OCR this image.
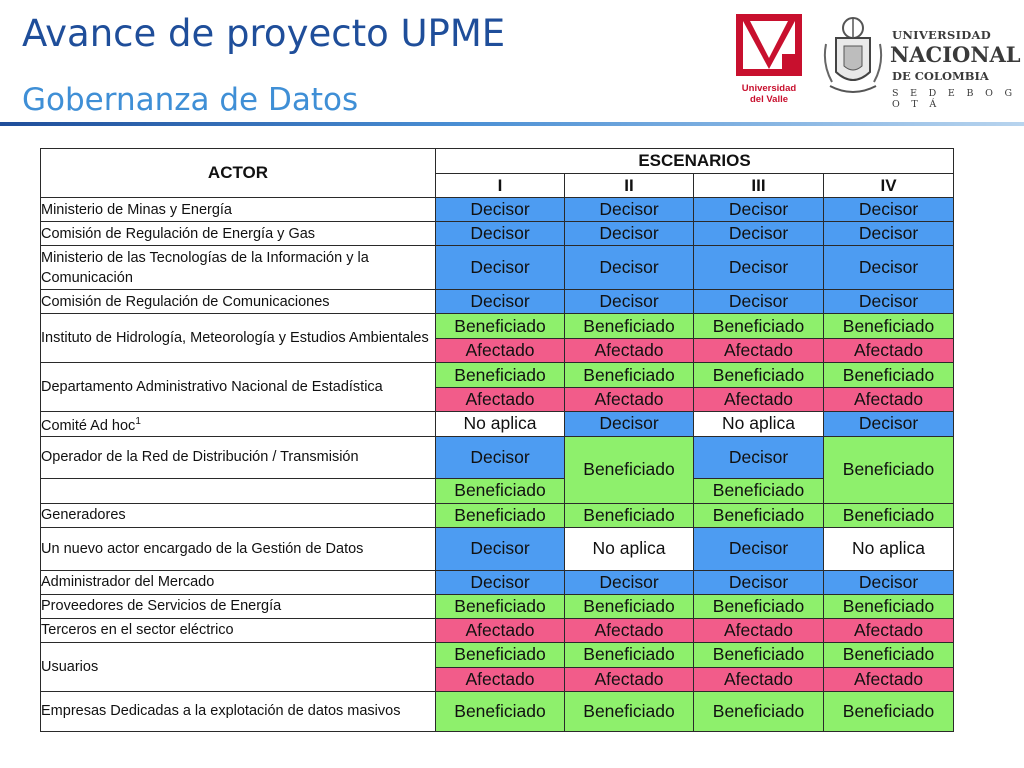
Avance de proyecto UPME
Gobernanza de Datos	Universidad
del Valle
UNIVERSIDAD
NACIONAL
DE COLOMBIA
S E D E B O G O T Á
ACTOR	ESCENARIOS			
	I	II	III	IV
Ministerio de Minas y Energía	Decisor	Decisor	Decisor	Decisor
Comisión de Regulación de Energía y Gas	Decisor	Decisor	Decisor	Decisor
Ministerio de las Tecnologías de la Información y la Comunicación	Decisor	Decisor	Decisor	Decisor
Comisión de Regulación de Comunicaciones	Decisor	Decisor	Decisor	Decisor
Instituto de Hidrología, Meteorología y Estudios Ambientales	Beneficiado	Beneficiado	Beneficiado	Beneficiado
	Afectado	Afectado	Afectado	Afectado
Departamento Administrativo Nacional de Estadística	Beneficiado	Beneficiado	Beneficiado	Beneficiado
	Afectado	Afectado	Afectado	Afectado
Comité Ad hoc$^1$	No aplica	Decisor	No aplica	Decisor
Operador de la Red de Distribución / Transmisión	Decisor	Beneficiado	Decisor	Beneficiado
	Beneficiado		Beneficiado	
Generadores	Beneficiado	Beneficiado	Beneficiado	Beneficiado
Un nuevo actor encargado de la Gestión de Datos	Decisor	No aplica	Decisor	No aplica
Administrador del Mercado	Decisor	Decisor	Decisor	Decisor
Proveedores de Servicios de Energía	Beneficiado	Beneficiado	Beneficiado	Beneficiado
Terceros en el sector eléctrico	Afectado	Afectado	Afectado	Afectado
Usuarios	Beneficiado	Beneficiado	Beneficiado	Beneficiado
	Afectado	Afectado	Afectado	Afectado
Empresas Dedicadas a la explotación de datos masivos	Beneficiado	Beneficiado	Beneficiado	Beneficiado
